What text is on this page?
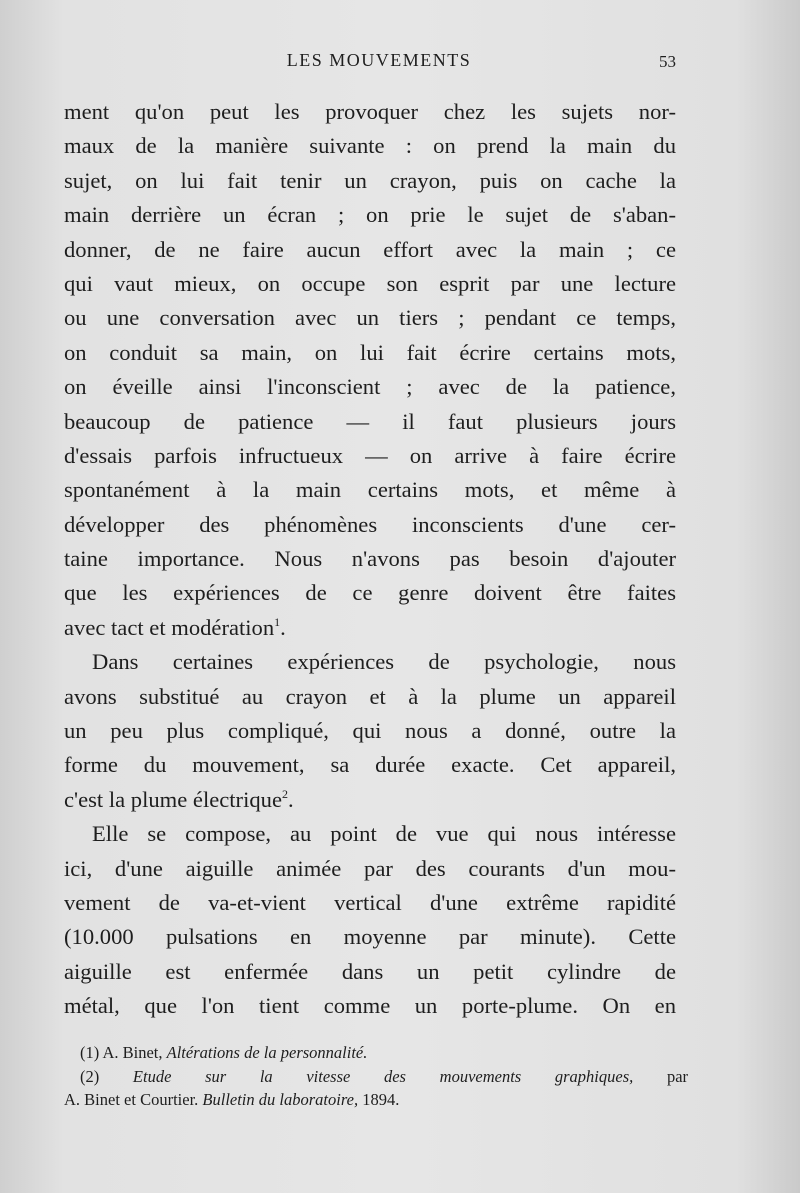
LES MOUVEMENTS	53
ment qu'on peut les provoquer chez les sujets nor-
maux de la manière suivante : on prend la main du
sujet, on lui fait tenir un crayon, puis on cache la
main derrière un écran ; on prie le sujet de s'aban-
donner, de ne faire aucun effort avec la main ; ce
qui vaut mieux, on occupe son esprit par une lecture
ou une conversation avec un tiers ; pendant ce temps,
on conduit sa main, on lui fait écrire certains mots,
on éveille ainsi l'inconscient ; avec de la patience,
beaucoup de patience — il faut plusieurs jours
d'essais parfois infructueux — on arrive à faire écrire
spontanément à la main certains mots, et même à
développer des phénomènes inconscients d'une cer-
taine importance. Nous n'avons pas besoin d'ajouter
que les expériences de ce genre doivent être faites
avec tact et modération$^1$.
Dans certaines expériences de psychologie, nous
avons substitué au crayon et à la plume un appareil
un peu plus compliqué, qui nous a donné, outre la
forme du mouvement, sa durée exacte. Cet appareil,
c'est la plume électrique$^2$.
Elle se compose, au point de vue qui nous intéresse
ici, d'une aiguille animée par des courants d'un mou-
vement de va-et-vient vertical d'une extrême rapidité
(10.000 pulsations en moyenne par minute). Cette
aiguille est enfermée dans un petit cylindre de
métal, que l'on tient comme un porte-plume. On en
(1) A. Binet, Altérations de la personnalité.
(2) Etude sur la vitesse des mouvements graphiques, par
A. Binet et Courtier. Bulletin du laboratoire, 1894.
